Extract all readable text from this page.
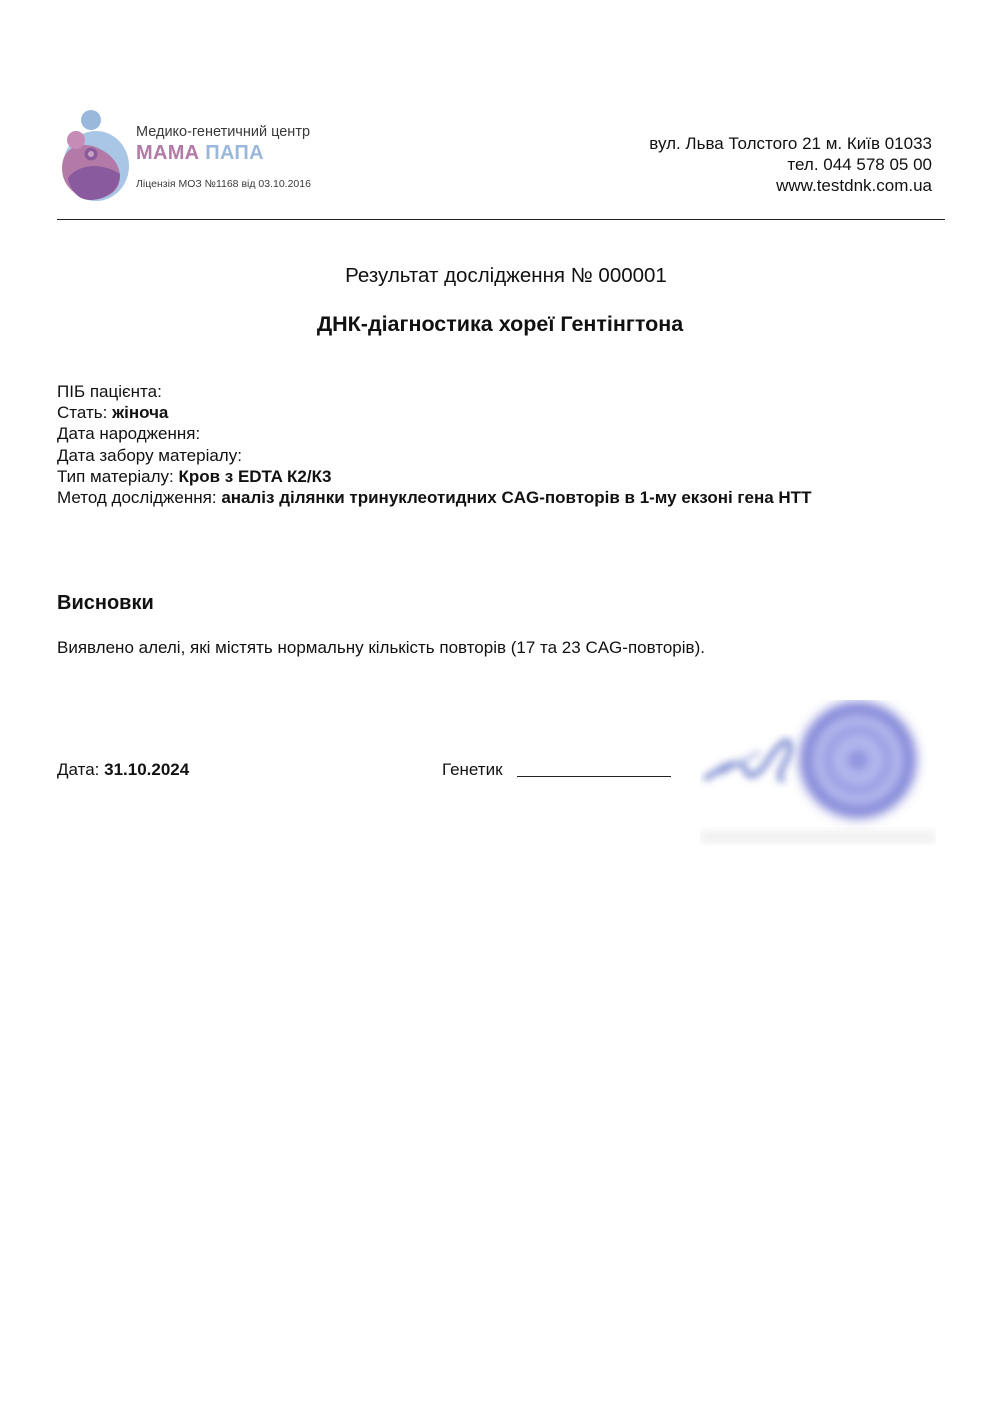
Медико-генетичний центр
МАМА ПАПА
Ліцензія МОЗ №1168 від 03.10.2016
вул. Льва Толстого 21 м. Київ 01033
тел. 044 578 05 00
www.testdnk.com.ua
Результат дослідження № 000001
ДНК-діагностика хореї Гентінгтона
ПІБ пацієнта:
Стать: жіноча
Дата народження:
Дата забору матеріалу:
Тип матеріалу: Кров з EDTA К2/К3
Метод дослідження: аналіз ділянки тринуклеотидних CAG-повторів в 1-му екзоні гена HTT
Висновки
Виявлено алелі, які містять нормальну кількість повторів (17 та 23 CAG-повторів).
Дата: 31.10.2024	Генетик
